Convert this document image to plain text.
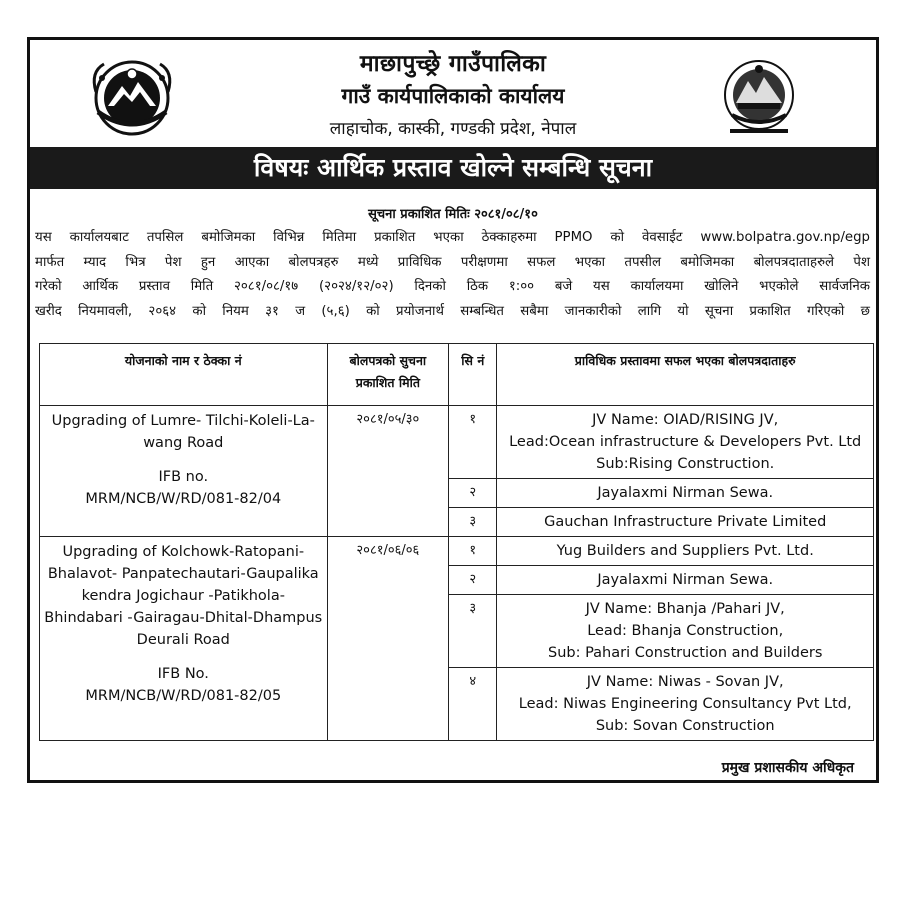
माछापुच्छ्रे गाउँपालिका
गाउँ कार्यपालिकाको कार्यालय
लाहाचोक, कास्की, गण्डकी प्रदेश, नेपाल
विषयः आर्थिक प्रस्ताव खोल्ने सम्बन्धि सूचना
सूचना प्रकाशित मितिः २०८१/०८/१०
यस कार्यालयबाट तपसिल बमोजिमका विभिन्न मितिमा प्रकाशित भएका ठेक्काहरुमा PPMO को वेवसाईट www.bolpatra.gov.np/egp
मार्फत म्याद भित्र पेश हुन आएका बोलपत्रहरु मध्ये प्राविधिक परीक्षणमा सफल भएका तपसील बमोजिमका बोलपत्रदाताहरुले पेश
गरेको आर्थिक प्रस्ताव मिति २०८१/०८/१७ (२०२४/१२/०२) दिनको ठिक १:०० बजे यस कार्यालयमा खोलिने भएकोले सार्वजनिक
खरीद नियमावली, २०६४ को नियम ३१ ज (५,६) को प्रयोजनार्थ सम्बन्धित सबैमा जानकारीको लागि यो सूचना प्रकाशित गरिएको छ
योजनाको नाम र ठेक्का नं	बोलपत्रको सुचना प्रकाशित मिति	सि नं	प्राविधिक प्रस्तावमा सफल भएका बोलपत्रदाताहरु
Upgrading of Lumre- Tilchi-Koleli-La-wang Road
IFB no.
MRM/NCB/W/RD/081-82/04	२०८१/०५/३०	१	JV Name: OIAD/RISING JV,
Lead:Ocean infrastructure & Developers Pvt. Ltd
Sub:Rising Construction.
		२	Jayalaxmi Nirman Sewa.
		३	Gauchan Infrastructure Private Limited
Upgrading of Kolchowk-Ratopani-Bhalavot- Panpatechautari-Gaupalika kendra Jogichaur -Patikhola-Bhindabari -Gairagau-Dhital-Dhampus Deurali Road
IFB No.
MRM/NCB/W/RD/081-82/05	२०८१/०६/०६	१	Yug Builders and Suppliers Pvt. Ltd.
		२	Jayalaxmi Nirman Sewa.
		३	JV Name: Bhanja /Pahari JV,
Lead: Bhanja Construction,
Sub: Pahari Construction and Builders
		४	JV Name: Niwas - Sovan JV,
Lead: Niwas Engineering Consultancy Pvt Ltd,
Sub: Sovan Construction
प्रमुख प्रशासकीय अधिकृत
